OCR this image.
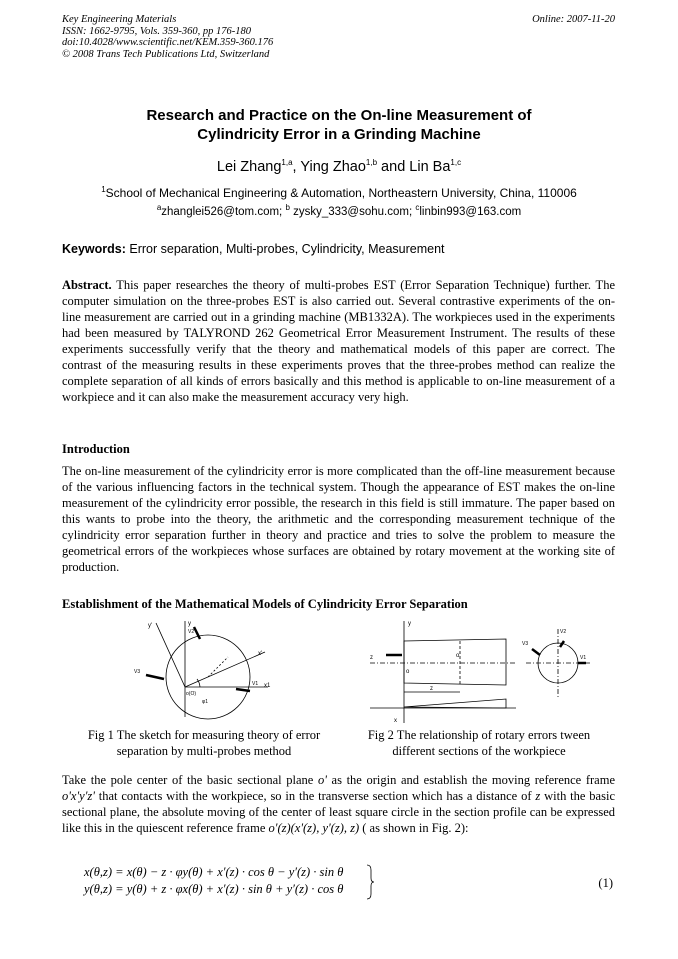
Key Engineering Materials
ISSN: 1662-9795, Vols. 359-360, pp 176-180
doi:10.4028/www.scientific.net/KEM.359-360.176
© 2008 Trans Tech Publications Ltd, Switzerland
Online: 2007-11-20
Research and Practice on the On-line Measurement of
Cylindricity Error in a Grinding Machine
Lei Zhang$^{1,a}$, Ying Zhao$^{1,b}$ and Lin Ba$^{1,c}$
$^1$School of Mechanical Engineering & Automation, Northeastern University, China, 110006
$^a$zhanglei526@tom.com; $^b$ zysky_333@sohu.com; $^c$linbin993@163.com
Keywords: Error separation, Multi-probes, Cylindricity, Measurement
Abstract. This paper researches the theory of multi-probes EST (Error Separation Technique) further. The computer simulation on the three-probes EST is also carried out. Several contrastive experiments of the on-line measurement are carried out in a grinding machine (MB1332A). The workpieces used in the experiments had been measured by TALYROND 262 Geometrical Error Measurement Instrument. The results of these experiments successfully verify that the theory and mathematical models of this paper are correct. The contrast of the measuring results in these experiments proves that the three-probes method can realize the complete separation of all kinds of errors basically and this method is applicable to on-line measurement of a workpiece and it can also make the measurement accuracy very high.
Introduction
The on-line measurement of the cylindricity error is more complicated than the off-line measurement because of the various influencing factors in the technical system. Though the appearance of EST makes the on-line measurement of the cylindricity error possible, the research in this field is still immature. The paper based on this wants to probe into the theory, the arithmetic and the corresponding measurement technique of the cylindricity error separation further in theory and practice and tries to solve the problem to measure the geometrical errors of the workpieces whose surfaces are obtained by rotary movement at the working site of production.
Establishment of the Mathematical Models of Cylindricity Error Separation
y
y'
x'
x1
V1
V2
V3
o(O)
φ1
y
z
x
o
o'
z
V1
V2
V3
Fig 1 The sketch for measuring theory of error
separation by multi-probes method
Fig 2 The relationship of rotary errors tween
different sections of the workpiece
Take the pole center of the basic sectional plane o' as the origin and establish the moving reference frame o'x'y'z' that contacts with the workpiece, so in the transverse section which has a distance of z with the basic sectional plane, the absolute moving of the center of least square circle in the section profile can be expressed like this in the quiescent reference frame o'(z)(x'(z), y'(z), z) ( as shown in Fig. 2):
x(θ,z) = x(θ) − z · φy(θ) + x′(z) · cos θ − y′(z) · sin θ
y(θ,z) = y(θ) + z · φx(θ) + x′(z) · sin θ + y′(z) · cos θ	(1)
